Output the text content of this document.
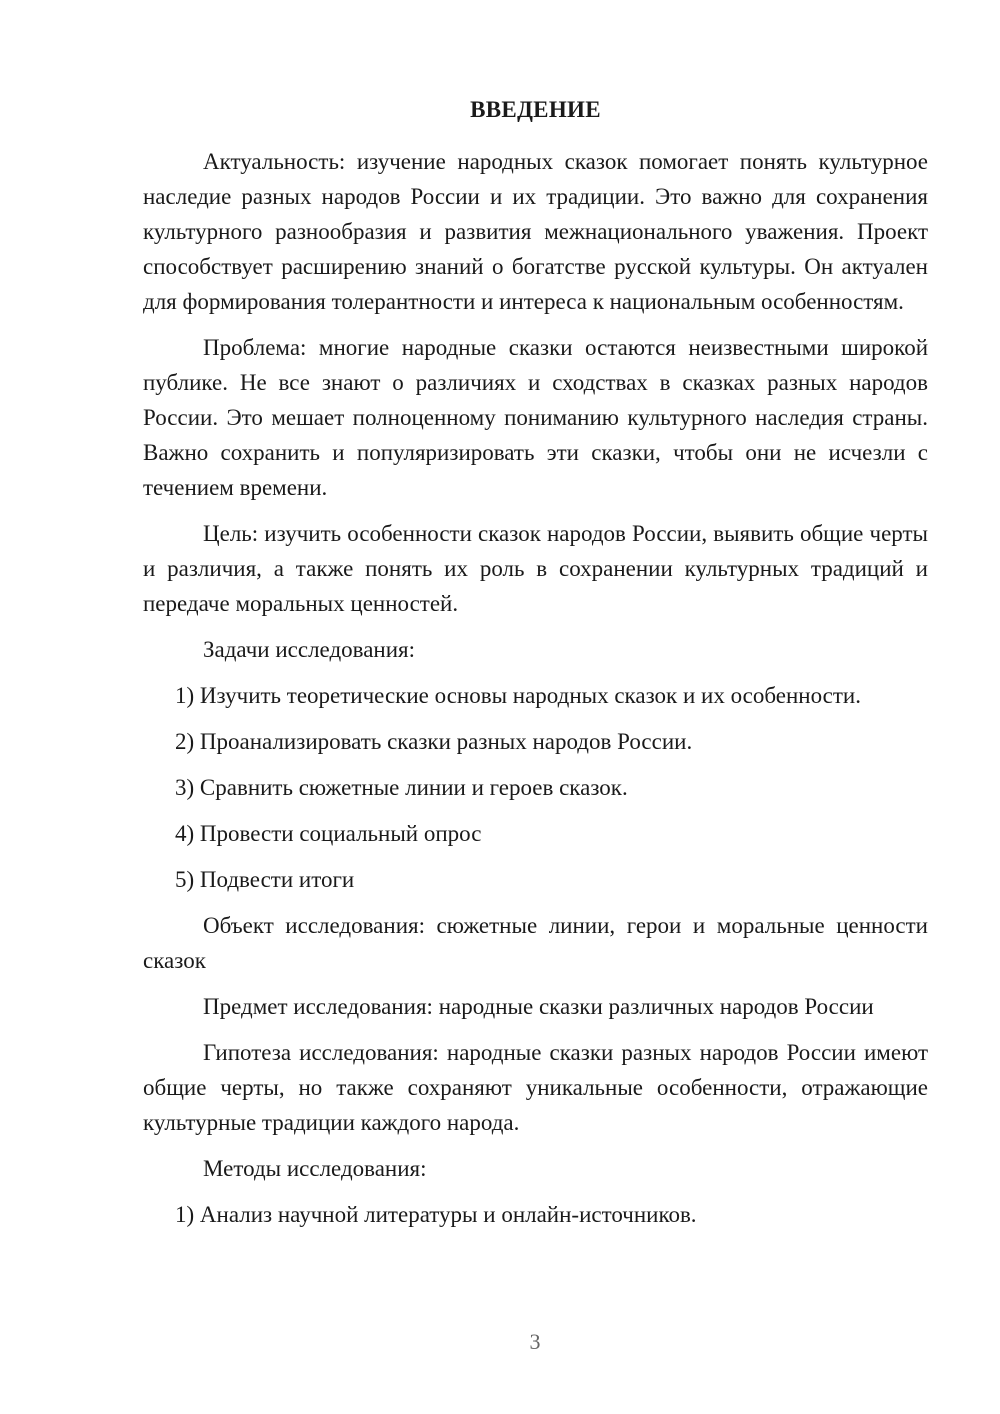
ВВЕДЕНИЕ

Актуальность: изучение народных сказок помогает понять культурное наследие разных народов России и их традиции. Это важно для сохранения культурного разнообразия и развития межнационального уважения. Проект способствует расширению знаний о богатстве русской культуры. Он актуален для формирования толерантности и интереса к национальным особенностям.

Проблема: многие народные сказки остаются неизвестными широкой публике. Не все знают о различиях и сходствах в сказках разных народов России. Это мешает полноценному пониманию культурного наследия страны. Важно сохранить и популяризировать эти сказки, чтобы они не исчезли с течением времени.

Цель: изучить особенности сказок народов России, выявить общие черты и различия, а также понять их роль в сохранении культурных традиций и передаче моральных ценностей.

Задачи исследования:

1) Изучить теоретические основы народных сказок и их особенности.

2) Проанализировать сказки разных народов России.

3) Сравнить сюжетные линии и героев сказок.

4) Провести социальный опрос

5) Подвести итоги

Объект исследования: сюжетные линии, герои и моральные ценности сказок

Предмет исследования: народные сказки различных народов России

Гипотеза исследования: народные сказки разных народов России имеют общие черты, но также сохраняют уникальные особенности, отражающие культурные традиции каждого народа.

Методы исследования:

1) Анализ научной литературы и онлайн-источников.

3
